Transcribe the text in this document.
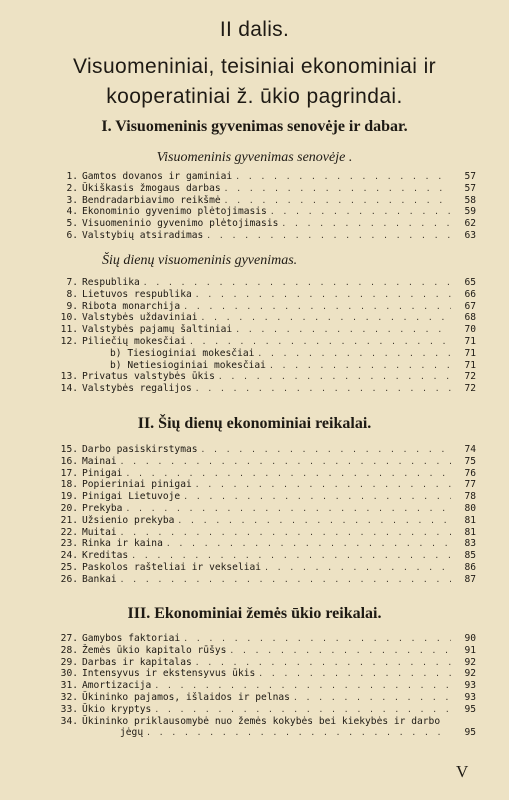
II dalis.
Visuomeniniai, teisiniai ekonominiai ir
kooperatiniai ž. ūkio pagrindai.
I. Visuomeninis gyvenimas senovėje ir dabar.
Visuomeninis gyvenimas senovėje .
1. Gamtos dovanos ir gaminiai . . .	57
2. Ūkiškasis žmogaus darbas . . .	57
3. Bendradarbiavimo reikšmė . . .	58
4. Ekonominio gyvenimo plėtojimasis . . .	59
5. Visuomeninio gyvenimo plėtojimasis . . .	62
6. Valstybių atsiradimas . . .	63
Šių dienų visuomeninis gyvenimas.
7. Respublika . . .	65
8. Lietuvos respublika . . .	66
9. Ribota monarchija . . .	67
10. Valstybės uždaviniai . . .	68
11. Valstybės pajamų šaltiniai . . .	70
12. Piliečių mokesčiai . . .	71
b) Tiesioginiai mokesčiai . . .	71
b) Netiesioginiai mokesčiai . . .	71
13. Privatus valstybės ūkis . . .	72
14. Valstybės regalijos . . .	72
II. Šių dienų ekonominiai reikalai.
15. Darbo pasiskirstymas . . .	74
16. Mainai . . .	75
17. Pinigai . . .	76
18. Popieriniai pinigai . . .	77
19. Pinigai Lietuvoje . . .	78
20. Prekyba . . .	80
21. Užsienio prekyba . . .	81
22. Muitai . . .	81
23. Rinka ir kaina . . .	83
24. Kreditas . . .	85
25. Paskolos rašteliai ir vekseliai . . .	86
26. Bankai . . .	87
III. Ekonominiai žemės ūkio reikalai.
27. Gamybos faktoriai . . .	90
28. Žemės ūkio kapitalo rūšys . . .	91
29. Darbas ir kapitalas . . .	92
30. Intensyvus ir ekstensyvus ūkis . . .	92
31. Amortizacija . . .	93
32. Ūkininko pajamos, išlaidos ir pelnas . . .	93
33. Ūkio kryptys . . .	95
34. Ūkininko priklausomybė nuo žemės kokybės bei kiekybės ir darbo
jėgų . . .	95
V
